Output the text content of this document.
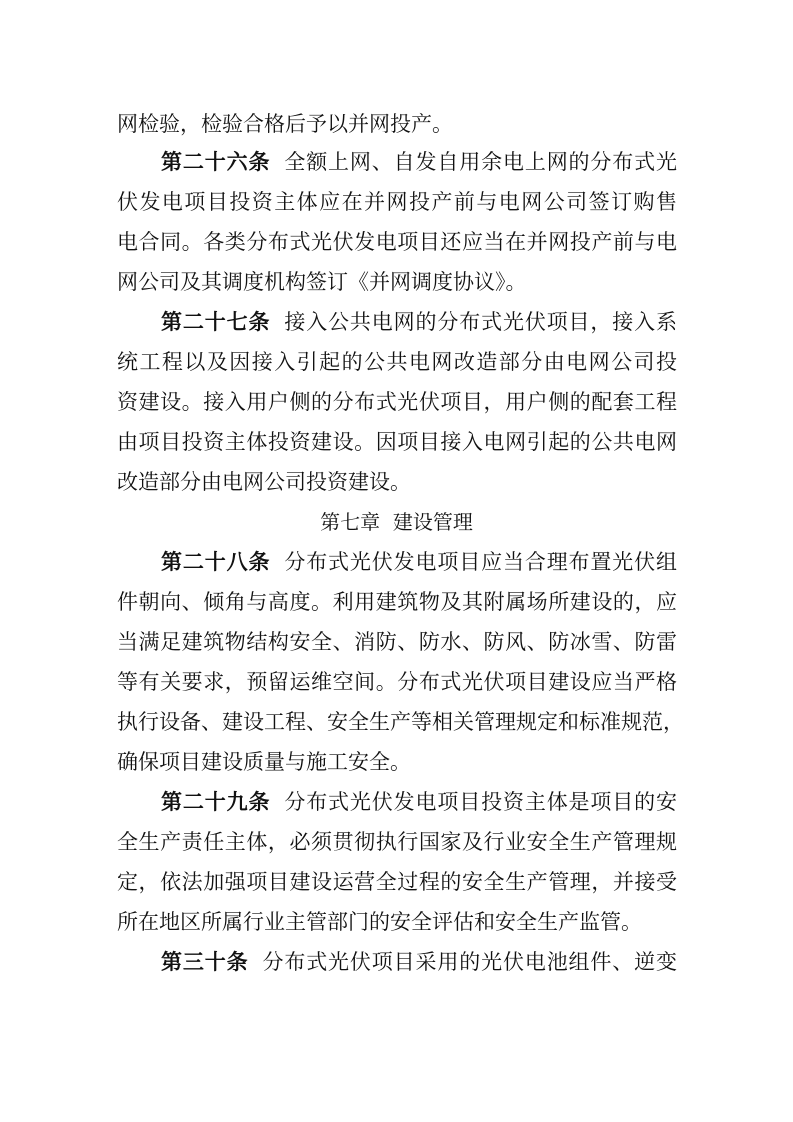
网检验，检验合格后予以并网投产。
第二十六条 全额上网、自发自用余电上网的分布式光
伏发电项目投资主体应在并网投产前与电网公司签订购售
电合同。各类分布式光伏发电项目还应当在并网投产前与电
网公司及其调度机构签订《并网调度协议》。
第二十七条 接入公共电网的分布式光伏项目，接入系
统工程以及因接入引起的公共电网改造部分由电网公司投
资建设。接入用户侧的分布式光伏项目，用户侧的配套工程
由项目投资主体投资建设。因项目接入电网引起的公共电网
改造部分由电网公司投资建设。
第七章  建设管理
第二十八条 分布式光伏发电项目应当合理布置光伏组
件朝向、倾角与高度。利用建筑物及其附属场所建设的，应
当满足建筑物结构安全、消防、防水、防风、防冰雪、防雷
等有关要求，预留运维空间。分布式光伏项目建设应当严格
执行设备、建设工程、安全生产等相关管理规定和标准规范，
确保项目建设质量与施工安全。
第二十九条 分布式光伏发电项目投资主体是项目的安
全生产责任主体，必须贯彻执行国家及行业安全生产管理规
定，依法加强项目建设运营全过程的安全生产管理，并接受
所在地区所属行业主管部门的安全评估和安全生产监管。
第三十条 分布式光伏项目采用的光伏电池组件、逆变
